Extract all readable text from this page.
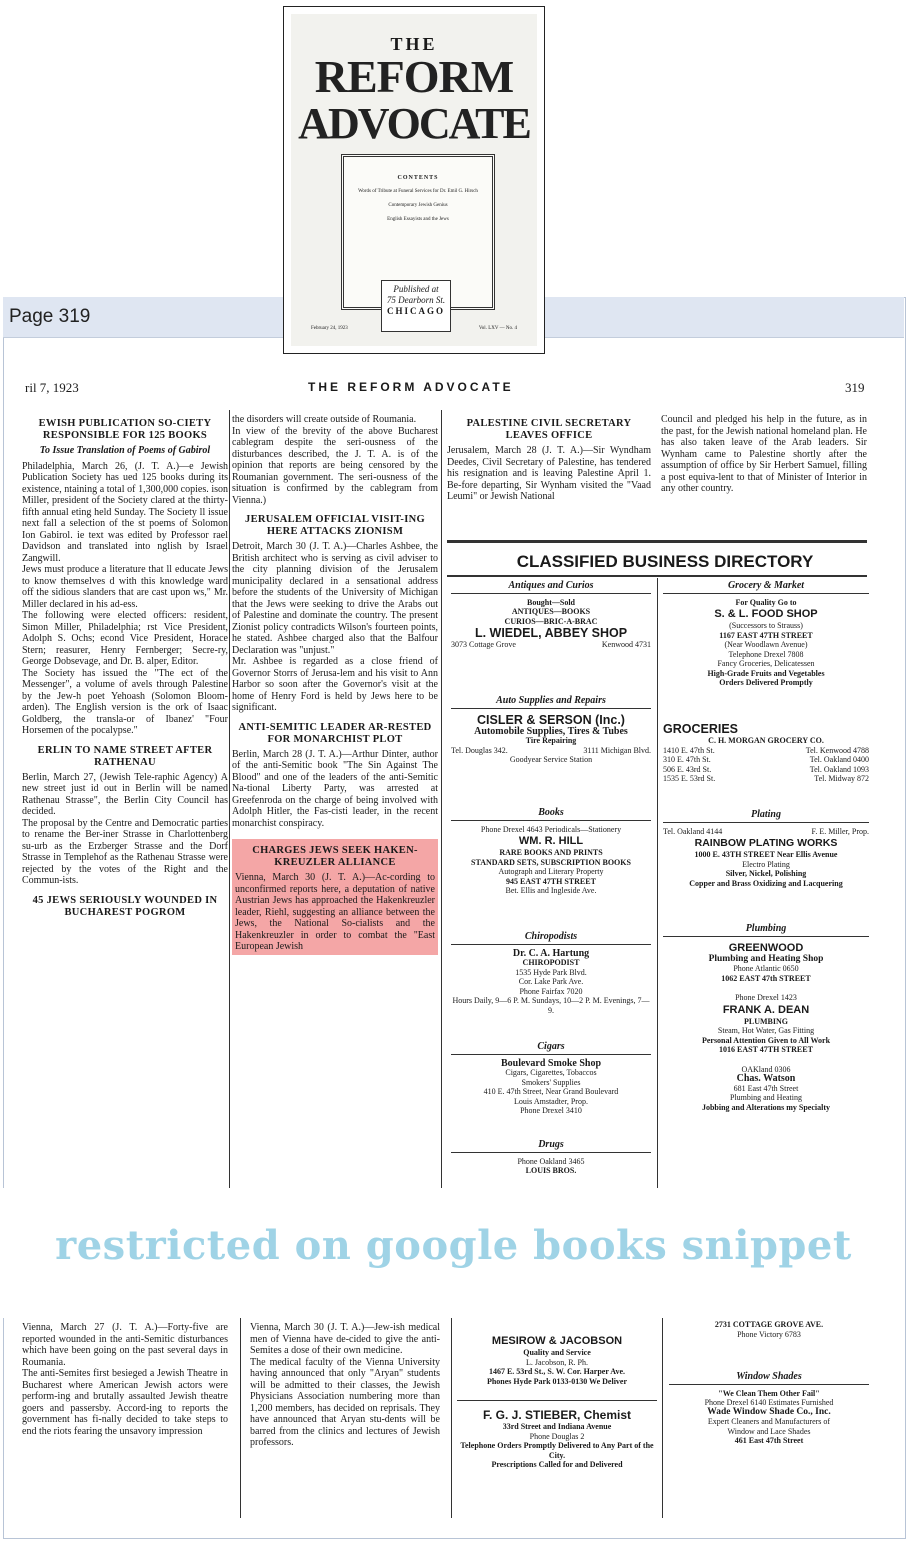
Page 319
THE
REFORM
ADVOCATE
CONTENTS
Words of Tribute at Funeral Services for Dr. Emil G. Hirsch
Contemporary Jewish Genius
English Essayists and the Jews
Published at
75 Dearborn St.
CHICAGO
February 24, 1923	Vol. LXV — No. 4
ril 7, 1923	THE REFORM ADVOCATE	319
EWISH PUBLICATION SO-CIETY RESPONSIBLE FOR 125 BOOKS
To Issue Translation of Poems of Gabirol

Philadelphia, March 26, (J. T. A.)—e Jewish Publication Society has ued 125 books during its existence, ntaining a total of 1,300,000 copies. ison Miller, president of the Society clared at the thirty-fifth annual eting held Sunday. The Society ll issue next fall a selection of the st poems of Solomon Ion Gabirol. ie text was edited by Professor rael Davidson and translated into nglish by Israel Zangwill.

Jews must produce a literature that ll educate Jews to know themselves d with this knowledge ward off the sidious slanders that are cast upon ws," Mr. Miller declared in his ad-ess.

The following were elected officers: resident, Simon Miller, Philadelphia; rst Vice President, Adolph S. Ochs; econd Vice President, Horace Stern; reasurer, Henry Fernberger; Secre-ry, George Dobsevage, and Dr. B. alper, Editor.

The Society has issued the "The ect of the Messenger", a volume of avels through Palestine by the Jew-h poet Yehoash (Solomon Bloom-arden). The English version is the ork of Isaac Goldberg, the transla-or of Ibanez' "Four Horsemen of the pocalypse."

ERLIN TO NAME STREET AFTER RATHENAU

Berlin, March 27, (Jewish Tele-raphic Agency) A new street just id out in Berlin will be named Rathenau Strasse", the Berlin City Council has decided.

The proposal by the Centre and Democratic parties to rename the Ber-iner Strasse in Charlottenberg su-urb as the Erzberger Strasse and the Dorf Strasse in Templehof as the Rathenau Strasse were rejected by the votes of the Right and the Commun-ists.

45 JEWS SERIOUSLY WOUNDED IN BUCHAREST POGROM

the disorders will create outside of Roumania.

In view of the brevity of the above Bucharest cablegram despite the seri-ousness of the disturbances described, the J. T. A. is of the opinion that reports are being censored by the Roumanian government. The seri-ousness of the situation is confirmed by the cablegram from Vienna.)

JERUSALEM OFFICIAL VISIT-ING HERE ATTACKS ZIONISM

Detroit, March 30 (J. T. A.)—Charles Ashbee, the British architect who is serving as civil adviser to the city planning division of the Jerusalem municipality declared in a sensational address before the students of the University of Michigan that the Jews were seeking to drive the Arabs out of Palestine and dominate the country. The present Zionist policy contradicts Wilson's fourteen points, he stated. Ashbee charged also that the Balfour Declaration was "unjust."

Mr. Ashbee is regarded as a close friend of Governor Storrs of Jerusa-lem and his visit to Ann Harbor so soon after the Governor's visit at the home of Henry Ford is held by Jews here to be significant.

ANTI-SEMITIC LEADER AR-RESTED FOR MONARCHIST PLOT

Berlin, March 28 (J. T. A.)—Arthur Dinter, author of the anti-Semitic book "The Sin Against The Blood" and one of the leaders of the anti-Semitic Na-tional Liberty Party, was arrested at Greefenroda on the charge of being involved with Adolph Hitler, the Fas-cisti leader, in the recent monarchist conspiracy.

CHARGES JEWS SEEK HAKEN-KREUZLER ALLIANCE

Vienna, March 30 (J. T. A.)—Ac-cording to unconfirmed reports here, a deputation of native Austrian Jews has approached the Hakenkreuzler leader, Riehl, suggesting an alliance between the Jews, the National So-cialists and the Hakenkreuzler in order to combat the "East European Jewish

PALESTINE CIVIL SECRETARY LEAVES OFFICE

Jerusalem, March 28 (J. T. A.)—Sir Wyndham Deedes, Civil Secretary of Palestine, has tendered his resignation and is leaving Palestine April 1. Be-fore departing, Sir Wynham visited the "Vaad Leumi" or Jewish National

Council and pledged his help in the future, as in the past, for the Jewish national homeland plan. He has also taken leave of the Arab leaders. Sir Wynham came to Palestine shortly after the assumption of office by Sir Herbert Samuel, filling a post equiva-lent to that of Minister of Interior in any other country.

CLASSIFIED BUSINESS DIRECTORY
Antiques and Curios
Bought—Sold
ANTIQUES—BOOKS
CURIOS—BRIC-A-BRAC
L. WIEDEL, ABBEY SHOP
3073 Cottage Grove	Kenwood 4731
Auto Supplies and Repairs
CISLER & SERSON (Inc.)
Automobile Supplies, Tires & Tubes
Tire Repairing
Tel. Douglas 342.	3111 Michigan Blvd.
Goodyear Service Station
Books
Phone Drexel 4643 Periodicals—Stationery
WM. R. HILL
RARE BOOKS AND PRINTS
STANDARD SETS, SUBSCRIPTION BOOKS
Autograph and Literary Property
945 EAST 47TH STREET
Bet. Ellis and Ingleside Ave.
Chiropodists
Dr. C. A. Hartung
CHIROPODIST
1535 Hyde Park Blvd.
Cor. Lake Park Ave.
Phone Fairfax 7020
Hours Daily, 9—6 P. M. Sundays, 10—2 P. M. Evenings, 7—9.
Cigars
Boulevard Smoke Shop
Cigars, Cigarettes, Tobaccos
Smokers' Supplies
410 E. 47th Street, Near Grand Boulevard
Louis Amstadter, Prop.
Phone Drexel 3410
Drugs
Phone Oakland 3465
LOUIS BROS.
Grocery & Market
For Quality Go to
S. & L. FOOD SHOP
(Successors to Strauss)
1167 EAST 47TH STREET
(Near Woodlawn Avenue)
Telephone Drexel 7808
Fancy Groceries, Delicatessen
High-Grade Fruits and Vegetables
Orders Delivered Promptly
GROCERIES
C. H. MORGAN GROCERY CO.
1410 E. 47th St.	Tel. Kenwood 4788
310 E. 47th St.	Tel. Oakland 0400
506 E. 43rd St.	Tel. Oakland 1093
1535 E. 53rd St.	Tel. Midway 872
Plating
Tel. Oakland 4144	F. E. Miller, Prop.
RAINBOW PLATING WORKS
1000 E. 43TH STREET Near Ellis Avenue
Electro Plating
Silver, Nickel, Polishing
Copper and Brass Oxidizing and Lacquering
Plumbing
GREENWOOD
Plumbing and Heating Shop
Phone Atlantic 0650
1062 EAST 47th STREET
Phone Drexel 1423
FRANK A. DEAN
PLUMBING
Steam, Hot Water, Gas Fitting
Personal Attention Given to All Work
1016 EAST 47TH STREET
OAKland 0306
Chas. Watson
681 East 47th Street
Plumbing and Heating
Jobbing and Alterations my Specialty
restricted on google books snippet

Vienna, March 27 (J. T. A.)—Forty-five are reported wounded in the anti-Semitic disturbances which have been going on the past several days in Roumania.

The anti-Semites first besieged a Jewish Theatre in Bucharest where American Jewish actors were perform-ing and brutally assaulted Jewish theatre goers and passersby. Accord-ing to reports the government has fi-nally decided to take steps to end the riots fearing the unsavory impression

Vienna, March 30 (J. T. A.)—Jew-ish medical men of Vienna have de-cided to give the anti-Semites a dose of their own medicine.

The medical faculty of the Vienna University having announced that only "Aryan" students will be admitted to their classes, the Jewish Physicians Association numbering more than 1,200 members, has decided on reprisals. They have announced that Aryan stu-dents will be barred from the clinics and lectures of Jewish professors.

MESIROW & JACOBSON
Quality and Service
L. Jacobson, R. Ph.
1467 E. 53rd St., S. W. Cor. Harper Ave.
Phones Hyde Park 0133-0130 We Deliver
F. G. J. STIEBER, Chemist
33rd Street and Indiana Avenue
Phone Douglas 2
Telephone Orders Promptly Delivered to Any Part of the City.
Prescriptions Called for and Delivered
2731 COTTAGE GROVE AVE.
Phone Victory 6783
Window Shades
"We Clean Them Other Fail"
Phone Drexel 6140 Estimates Furnished
Wade Window Shade Co., Inc.
Expert Cleaners and Manufacturers of
Window and Lace Shades
461 East 47th Street
